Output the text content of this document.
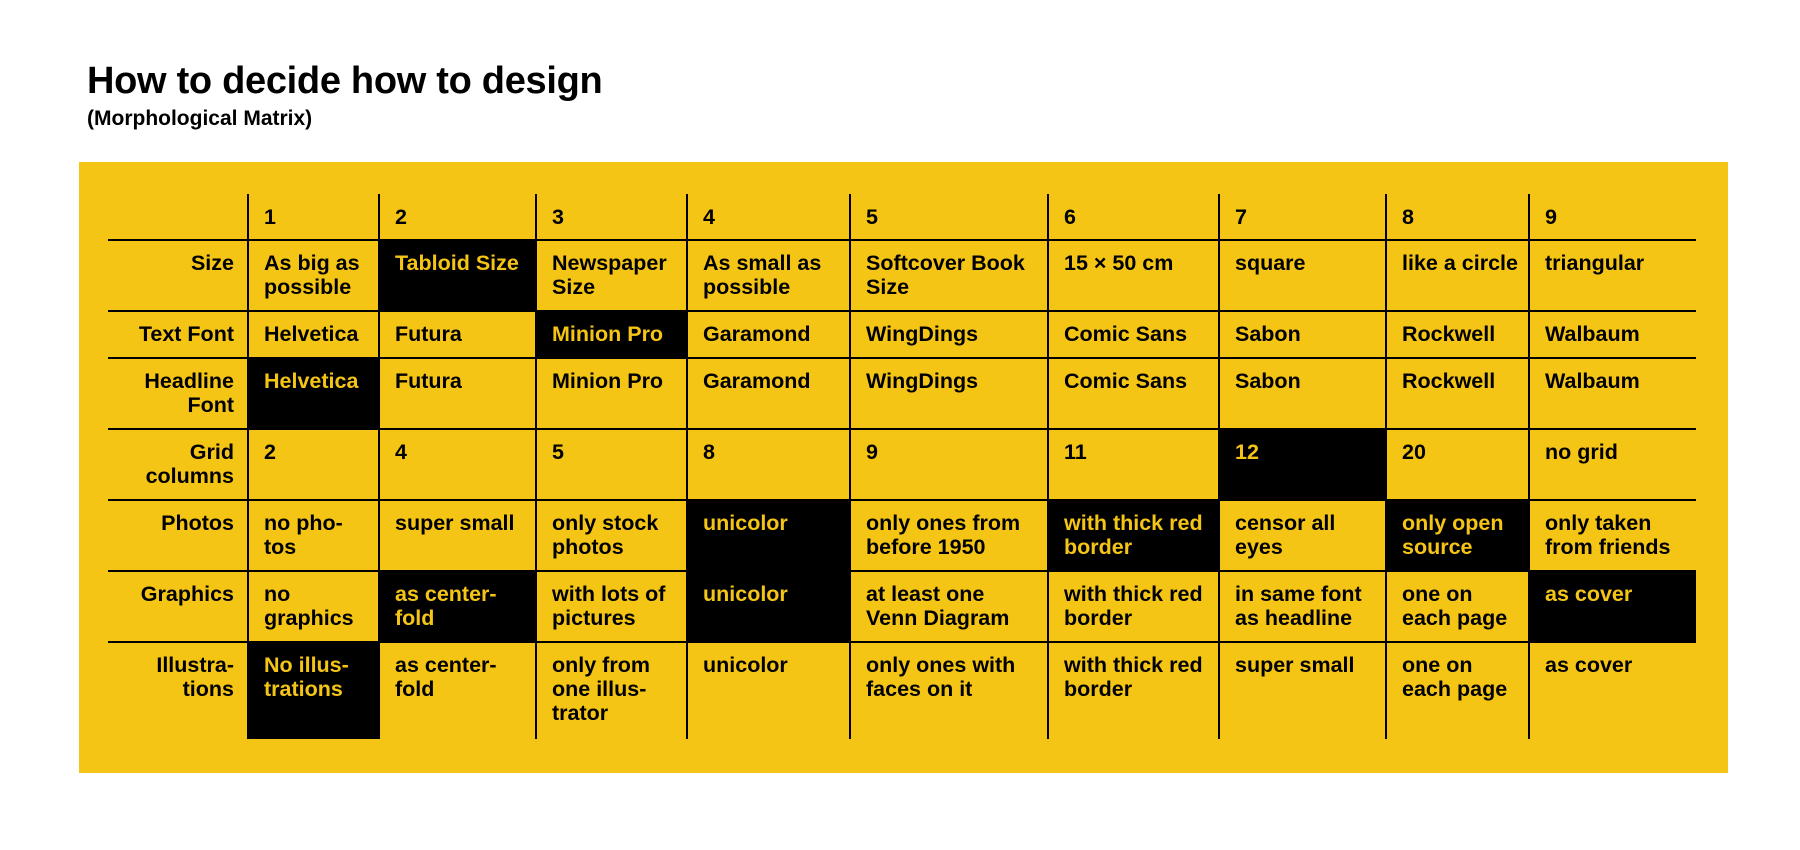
How to decide how to design

(Morphological Matrix)

	1	2	3	4	5	6	7	8	9
Size	As big as possible	Tabloid Size	Newspaper Size	As small as possible	Softcover Book Size	15 × 50 cm	square	like a circle	triangular
Text Font	Helvetica	Futura	Minion Pro	Garamond	WingDings	Comic Sans	Sabon	Rockwell	Walbaum
Headline Font	Helvetica	Futura	Minion Pro	Garamond	WingDings	Comic Sans	Sabon	Rockwell	Walbaum
Grid columns	2	4	5	8	9	11	12	20	no grid
Photos	no pho-tos	super small	only stock photos	unicolor	only ones from before 1950	with thick red border	censor all eyes	only open source	only taken from friends
Graphics	no graphics	as center-fold	with lots of pictures	unicolor	at least one Venn Diagram	with thick red border	in same font as headline	one on each page	as cover
Illustra-tions	No illus-trations	as center-fold	only from one illus-trator	unicolor	only ones with faces on it	with thick red border	super small	one on each page	as cover
